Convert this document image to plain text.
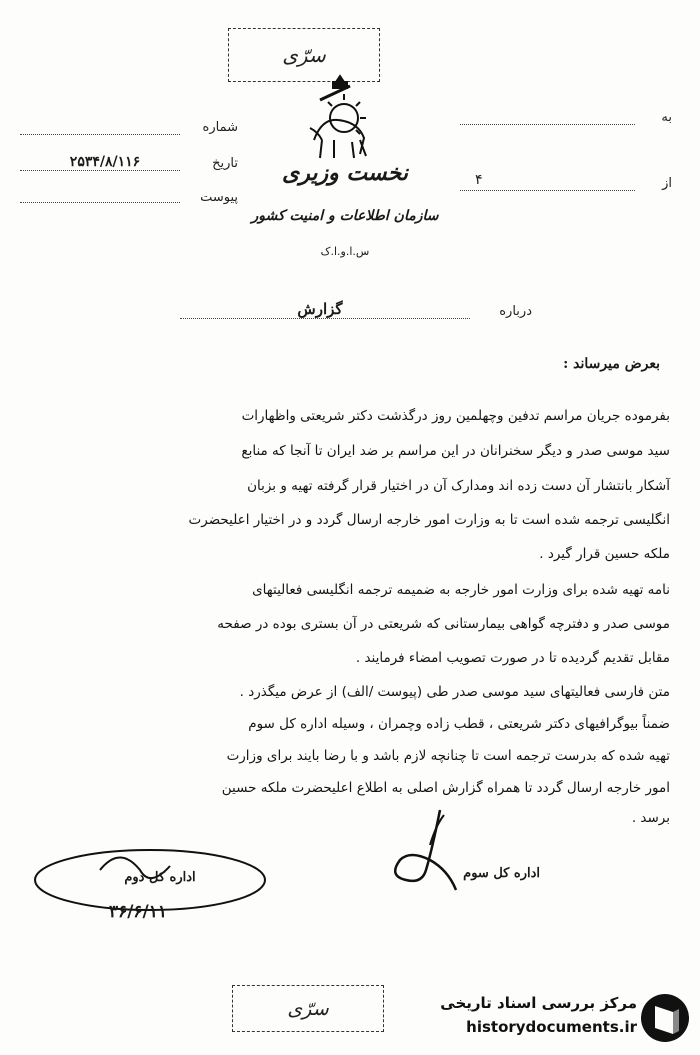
سرّی
نخست وزیری
سازمان اطلاعات و امنیت کشور
س.ا.و.ا.ک
شماره
۲۵۳۴/۸/۱۱۶	تاریخ
پیوست
به
۴	از
گزارش	درباره
بعرض میرساند :
بفرموده جریان مراسم تدفین وچهلمین روز درگذشت دکتر شریعتی واظهارات
سید موسی صدر و دیگر سخنرانان در این مراسم بر ضد ایران تا آنجا که منابع
آشکار بانتشار آن دست زده اند ومدارک آن در اختیار قرار گرفته تهیه و بزبان
انگلیسی ترجمه شده است تا به وزارت امور خارجه ارسال گردد و در اختیار اعلیحضرت
ملکه حسین قرار گیرد .
نامه تهیه شده برای وزارت امور خارجه به ضمیمه ترجمه انگلیسی فعالیتهای
موسی صدر و دفترچه گواهی بیمارستانی که شریعتی در آن بستری بوده در صفحه
مقابل تقدیم گردیده تا در صورت تصویب امضاء فرمایند .
متن فارسی فعالیتهای سید موسی صدر طی (پیوست /الف) از عرض میگذرد .
ضمناً بیوگرافیهای دکتر شریعتی ، قطب زاده وچمران ، وسیله اداره کل سوم
تهیه شده که بدرست ترجمه است تا چنانچه لازم باشد و با رضا بایند برای وزارت
امور خارجه ارسال گردد تا همراه گزارش اصلی به اطلاع اعلیحضرت ملکه حسین
برسد .
اداره کل دوم
۳۶/۶/۱۱
اداره کل سوم
سرّی	مرکز بررسی اسناد تاریخی
historydocuments.ir
